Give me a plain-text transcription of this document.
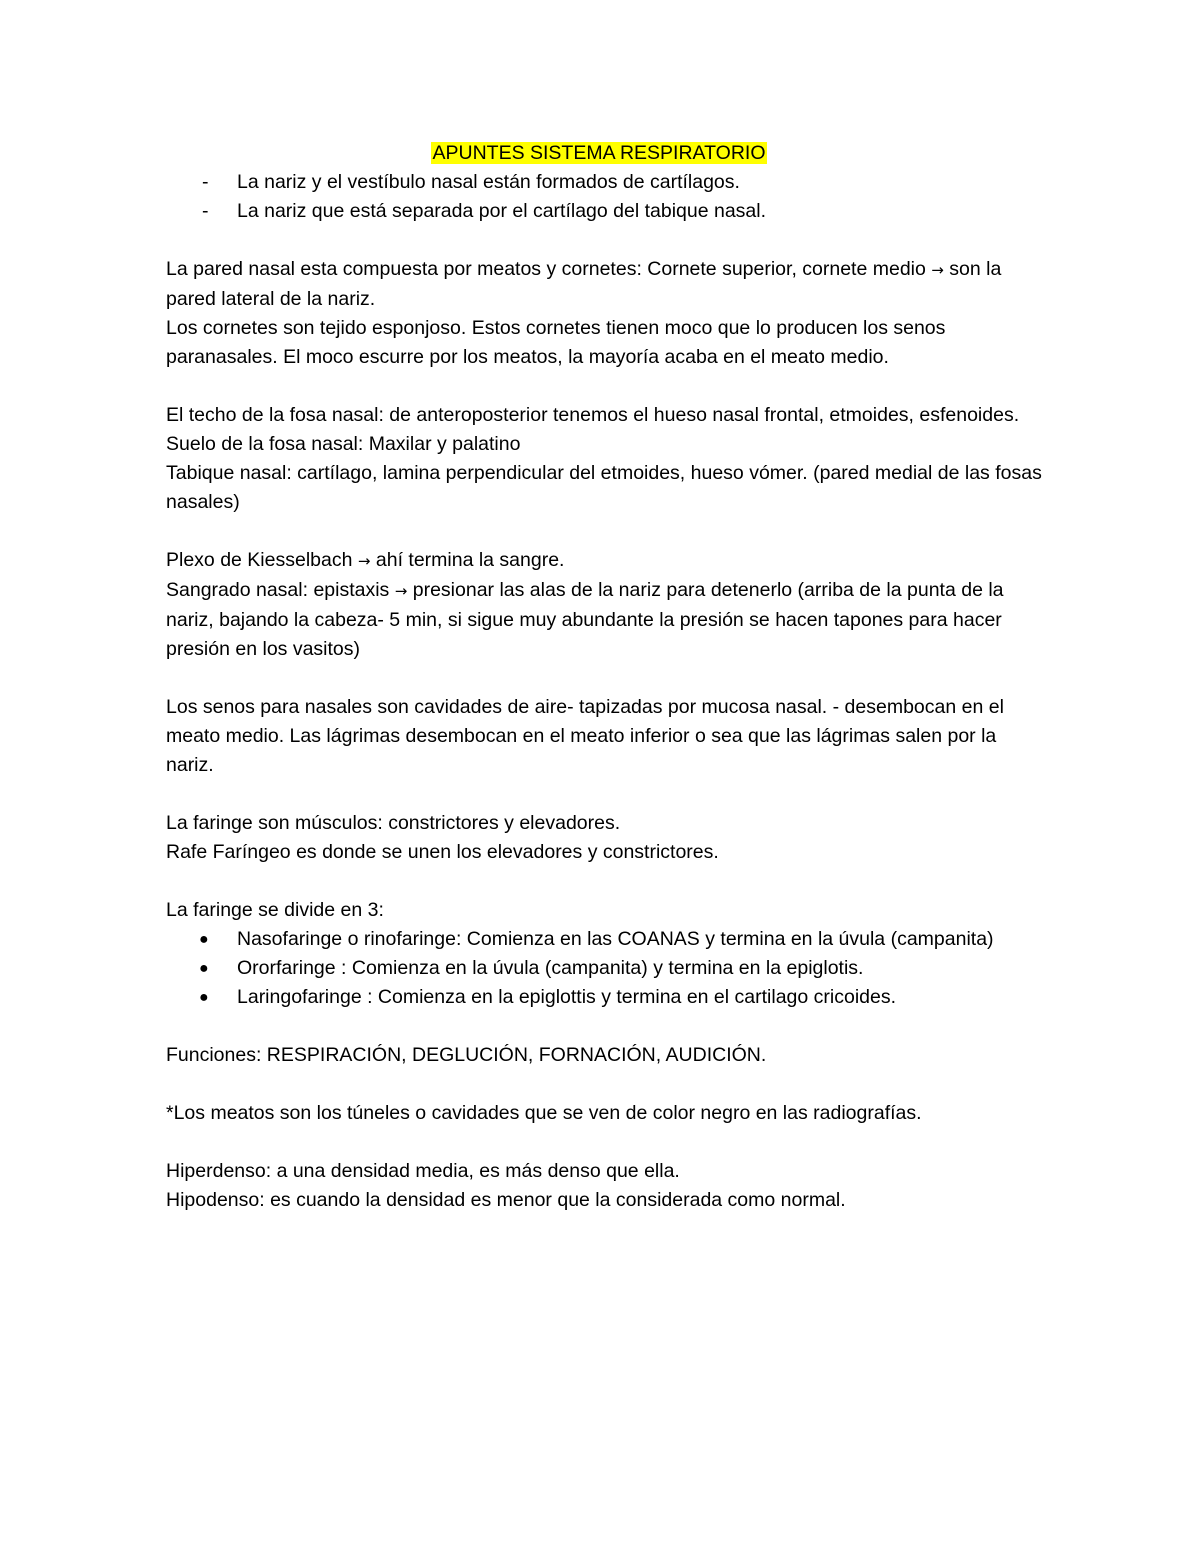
APUNTES SISTEMA RESPIRATORIO
- La nariz y el vestíbulo nasal están formados de cartílagos.
- La nariz que está separada por el cartílago del tabique nasal.

La pared nasal esta compuesta por meatos y cornetes: Cornete superior, cornete medio → son la pared lateral de la nariz.

Los cornetes son tejido esponjoso. Estos cornetes tienen moco que lo producen los senos paranasales. El moco escurre por los meatos, la mayoría acaba en el meato medio.

El techo de la fosa nasal: de anteroposterior tenemos el hueso nasal frontal, etmoides, esfenoides.

Suelo de la fosa nasal: Maxilar y palatino

Tabique nasal: cartílago, lamina perpendicular del etmoides, hueso vómer. (pared medial de las fosas nasales)

Plexo de Kiesselbach → ahí termina la sangre.

Sangrado nasal: epistaxis → presionar las alas de la nariz para detenerlo (arriba de la punta de la nariz, bajando la cabeza- 5 min, si sigue muy abundante la presión se hacen tapones para hacer presión en los vasitos)

Los senos para nasales son cavidades de aire- tapizadas por mucosa nasal. - desembocan en el meato medio. Las lágrimas desembocan en el meato inferior o sea que las lágrimas salen por la nariz.

La faringe son músculos: constrictores y elevadores.

Rafe Faríngeo es donde se unen los elevadores y constrictores.

La faringe se divide en 3:

● Nasofaringe o rinofaringe: Comienza en las COANAS y termina en la úvula (campanita)
● Ororfaringe : Comienza en la úvula (campanita) y termina en la epiglotis.
● Laringofaringe : Comienza en la epiglottis y termina en el cartilago cricoides.

Funciones: RESPIRACIÓN, DEGLUCIÓN, FORNACIÓN, AUDICIÓN.

*Los meatos son los túneles o cavidades que se ven de color negro en las radiografías.

Hiperdenso: a una densidad media, es más denso que ella.

Hipodenso: es cuando la densidad es menor que la considerada como normal.
